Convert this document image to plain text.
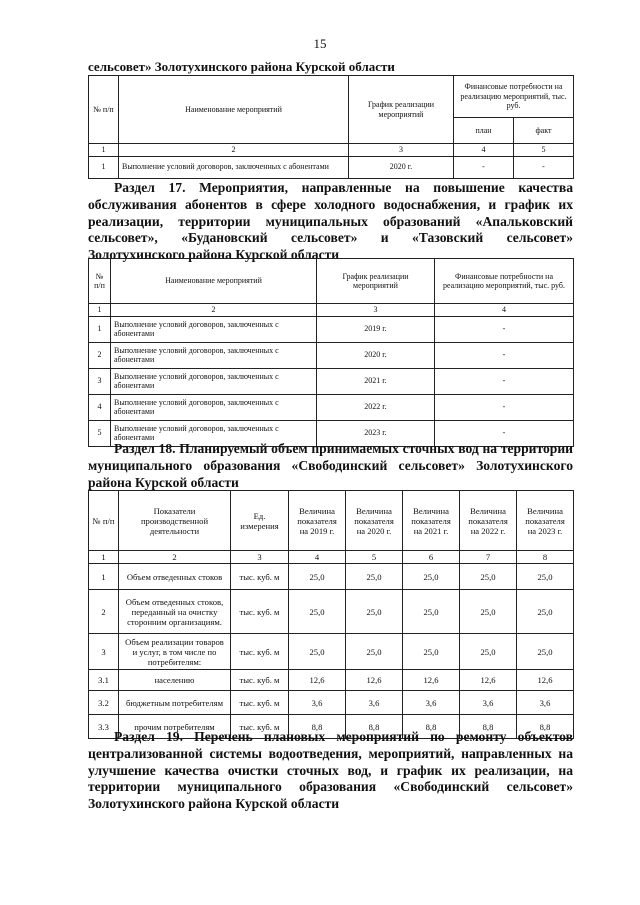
15
сельсовет» Золотухинского района Курской области
№ п/п	Наименование мероприятий	График реализации мероприятий	Финансовые потребности на реализацию мероприятий, тыс. руб.	
			план	факт
1	2	3	4	5
1	Выполнение условий договоров, заключенных с абонентами	2020 г.	-	-
Раздел 17. Мероприятия, направленные на повышение качества обслуживания абонентов в сфере холодного водоснабжения, и график их реализации, территории муниципальных образований «Апальковский сельсовет», «Будановский сельсовет» и «Тазовский сельсовет» Золотухинского района Курской области
№ п/п	Наименование мероприятий	График реализации мероприятий	Финансовые потребности на реализацию мероприятий, тыс. руб.
1	2	3	4
1	Выполнение условий договоров, заключенных с абонентами	2019 г.	-
2	Выполнение условий договоров, заключенных с абонентами	2020 г.	-
3	Выполнение условий договоров, заключенных с абонентами	2021 г.	-
4	Выполнение условий договоров, заключенных с абонентами	2022 г.	-
5	Выполнение условий договоров, заключенных с абонентами	2023 г.	-
Раздел 18. Планируемый объем принимаемых сточных вод на территории муниципального образования «Свободинский сельсовет» Золотухинского района Курской области
№ п/п	Показатели производственной деятельности	Ед. измерения	Величина показателя на 2019 г.	Величина показателя на 2020 г.	Величина показателя на 2021 г.	Величина показателя на 2022 г.	Величина показателя на 2023 г.
1	2	3	4	5	6	7	8
1	Объем отведенных стоков	тыс. куб. м	25,0	25,0	25,0	25,0	25,0
2	Объем отведенных стоков, переданный на очистку сторонним организациям.	тыс. куб. м	25,0	25,0	25,0	25,0	25,0
3	Объем реализации товаров и услуг, в том числе по потребителям:	тыс. куб. м	25,0	25,0	25,0	25,0	25,0
3.1	населению	тыс. куб. м	12,6	12,6	12,6	12,6	12,6
3.2	бюджетным потребителям	тыс. куб. м	3,6	3,6	3,6	3,6	3,6
3.3	прочим потребителям	тыс. куб. м	8,8	8,8	8,8	8,8	8,8
Раздел 19. Перечень плановых мероприятий по ремонту объектов централизованной системы водоотведения, мероприятий, направленных на улучшение качества очистки сточных вод, и график их реализации, на территории муниципального образования «Свободинский сельсовет» Золотухинского района Курской области
